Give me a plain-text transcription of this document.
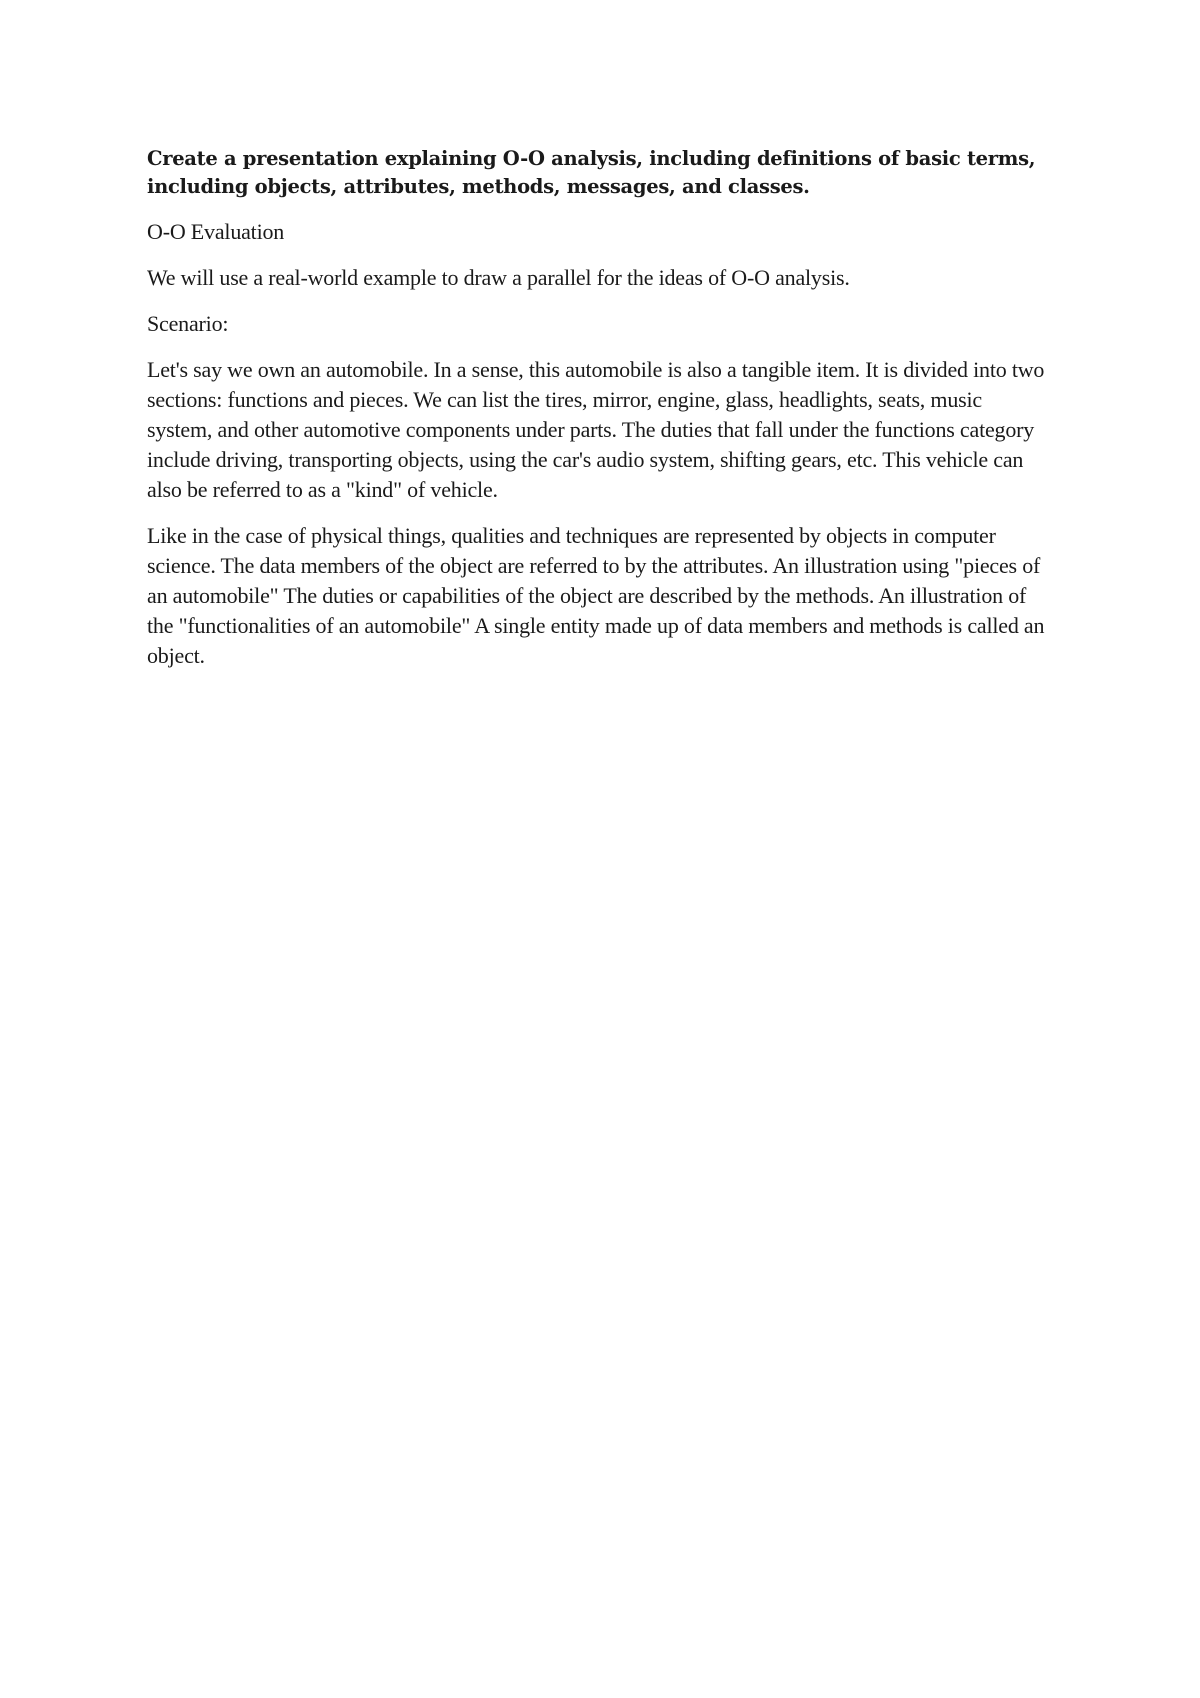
Create a presentation explaining O-O analysis, including definitions of basic terms, including objects, attributes, methods, messages, and classes.

O-O Evaluation

We will use a real-world example to draw a parallel for the ideas of O-O analysis.

Scenario:

Let's say we own an automobile. In a sense, this automobile is also a tangible item. It is divided into two sections: functions and pieces. We can list the tires, mirror, engine, glass, headlights, seats, music system, and other automotive components under parts. The duties that fall under the functions category include driving, transporting objects, using the car's audio system, shifting gears, etc. This vehicle can also be referred to as a "kind" of vehicle.

Like in the case of physical things, qualities and techniques are represented by objects in computer science. The data members of the object are referred to by the attributes. An illustration using "pieces of an automobile" The duties or capabilities of the object are described by the methods. An illustration of the "functionalities of an automobile" A single entity made up of data members and methods is called an object.
